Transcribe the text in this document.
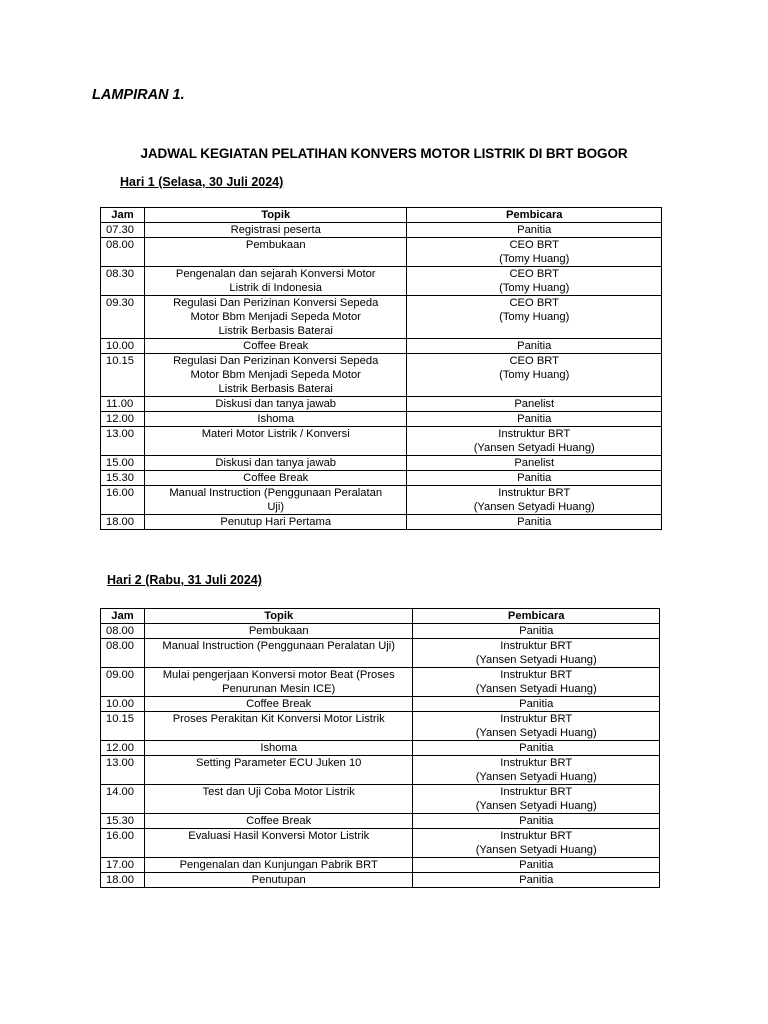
LAMPIRAN 1.
JADWAL KEGIATAN PELATIHAN KONVERS MOTOR LISTRIK DI BRT BOGOR
Hari 1 (Selasa, 30 Juli 2024)
Jam	Topik	Pembicara
07.30	Registrasi peserta	Panitia

08.00	Pembukaan	CEO BRT
(Tomy Huang)

08.30	Pengenalan dan sejarah Konversi Motor
Listrik di Indonesia	CEO BRT
(Tomy Huang)

09.30	Regulasi Dan Perizinan Konversi Sepeda
Motor Bbm Menjadi Sepeda Motor
Listrik Berbasis Baterai	CEO BRT
(Tomy Huang)

10.00	Coffee Break	Panitia

10.15	Regulasi Dan Perizinan Konversi Sepeda
Motor Bbm Menjadi Sepeda Motor
Listrik Berbasis Baterai	CEO BRT
(Tomy Huang)

11.00	Diskusi dan tanya jawab	Panelist

12.00	Ishoma	Panitia

13.00	Materi Motor Listrik / Konversi	Instruktur BRT
(Yansen Setyadi Huang)

15.00	Diskusi dan tanya jawab	Panelist

15.30	Coffee Break	Panitia

16.00	Manual Instruction (Penggunaan Peralatan
Uji)	Instruktur BRT
(Yansen Setyadi Huang)

18.00	Penutup Hari Pertama	Panitia
Hari 2 (Rabu, 31 Juli 2024)
Jam	Topik	Pembicara
08.00	Pembukaan	Panitia

08.00	Manual Instruction (Penggunaan Peralatan Uji)	Instruktur BRT
(Yansen Setyadi Huang)

09.00	Mulai pengerjaan Konversi motor Beat (Proses
Penurunan Mesin ICE)	Instruktur BRT
(Yansen Setyadi Huang)

10.00	Coffee Break	Panitia

10.15	Proses Perakitan Kit Konversi Motor Listrik	Instruktur BRT
(Yansen Setyadi Huang)

12.00	Ishoma	Panitia

13.00	Setting Parameter ECU Juken 10	Instruktur BRT
(Yansen Setyadi Huang)

14.00	Test dan Uji Coba Motor Listrik	Instruktur BRT
(Yansen Setyadi Huang)

15.30	Coffee Break	Panitia

16.00	Evaluasi Hasil Konversi Motor Listrik	Instruktur BRT
(Yansen Setyadi Huang)

17.00	Pengenalan dan Kunjungan Pabrik BRT	Panitia

18.00	Penutupan	Panitia
